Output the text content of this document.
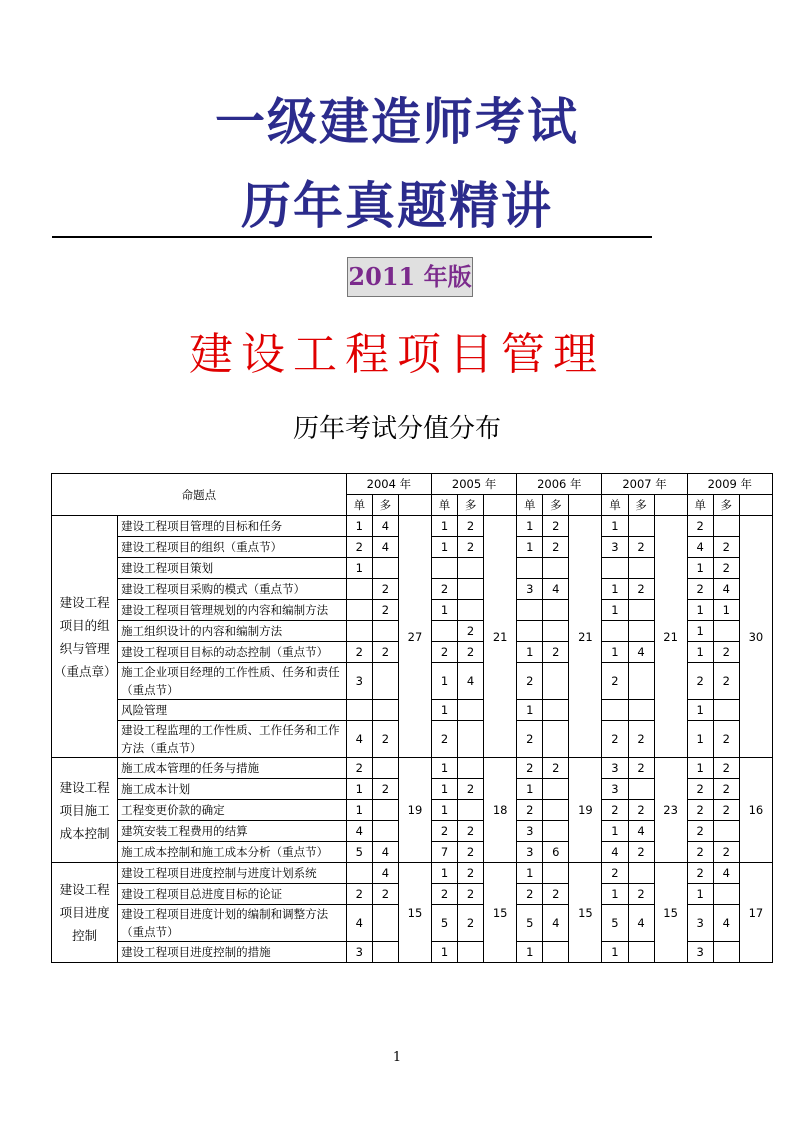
一级建造师考试
历年真题精讲
2011 年版
建设工程项目管理
历年考试分值分布
命题点		2004 年			2005 年			2006 年			2007 年			2009 年		
		单	多		单	多		单	多		单	多		单	多	
建设工程项目的组织与管理（重点章）	建设工程项目管理的目标和任务	1	4	27	1	2	21	1	2	21	1		21	2		30
	建设工程项目的组织（重点节）	2	4		1	2		1	2		3	2		4	2	
	建设工程项目策划	1												1	2	
	建设工程项目采购的模式（重点节）		2		2			3	4		1	2		2	4	
	建设工程项目管理规划的内容和编制方法		2		1						1			1	1	
	施工组织设计的内容和编制方法					2								1		
	建设工程项目目标的动态控制（重点节）	2	2		2	2		1	2		1	4		1	2	
	施工企业项目经理的工作性质、任务和责任（重点节）	3			1	4		2			2			2	2	
	风险管理				1			1						1		
	建设工程监理的工作性质、工作任务和工作方法（重点节）	4	2		2			2			2	2		1	2	
建设工程项目施工成本控制	施工成本管理的任务与措施	2		19	1		18	2	2	19	3	2	23	1	2	16
	施工成本计划	1	2		1	2		1			3			2	2	
	工程变更价款的确定	1			1			2			2	2		2	2	
	建筑安装工程费用的结算	4			2	2		3			1	4		2		
	施工成本控制和施工成本分析（重点节）	5	4		7	2		3	6		4	2		2	2	
建设工程项目进度控制	建设工程项目进度控制与进度计划系统		4	15	1	2	15	1		15	2		15	2	4	17
	建设工程项目总进度目标的论证	2	2		2	2		2	2		1	2		1		
	建设工程项目进度计划的编制和调整方法（重点节）	4			5	2		5	4		5	4		3	4	
	建设工程项目进度控制的措施	3			1			1			1			3		
1
